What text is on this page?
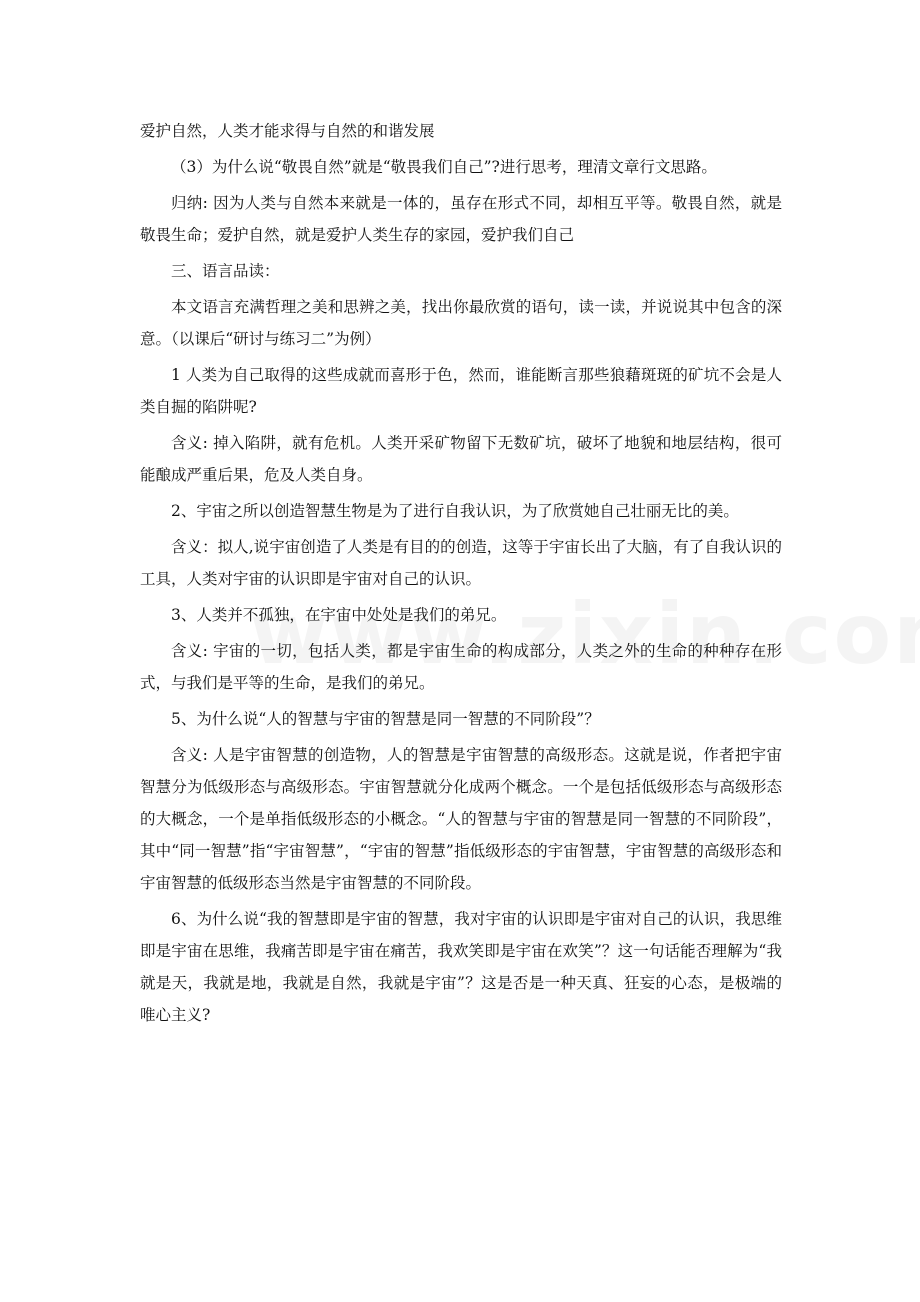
爱护自然，人类才能求得与自然的和谐发展

（3）为什么说“敬畏自然”就是“敬畏我们自己”?进行思考，理清文章行文思路。

归纳: 因为人类与自然本来就是一体的，虽存在形式不同，却相互平等。敬畏自然，就是敬畏生命；爱护自然，就是爱护人类生存的家园，爱护我们自己

三、语言品读：

本文语言充满哲理之美和思辨之美，找出你最欣赏的语句，读一读，并说说其中包含的深意。（以课后“研讨与练习二”为例）

1 人类为自己取得的这些成就而喜形于色，然而，谁能断言那些狼藉斑斑的矿坑不会是人类自掘的陷阱呢?

含义: 掉入陷阱，就有危机。人类开采矿物留下无数矿坑，破坏了地貌和地层结构，很可能酿成严重后果，危及人类自身。

2、宇宙之所以创造智慧生物是为了进行自我认识，为了欣赏她自己壮丽无比的美。

含义：拟人,说宇宙创造了人类是有目的的创造，这等于宇宙长出了大脑，有了自我认识的工具，人类对宇宙的认识即是宇宙对自己的认识。

3、人类并不孤独，在宇宙中处处是我们的弟兄。

含义: 宇宙的一切，包括人类，都是宇宙生命的构成部分，人类之外的生命的种种存在形式，与我们是平等的生命，是我们的弟兄。

5、为什么说“人的智慧与宇宙的智慧是同一智慧的不同阶段”？

含义: 人是宇宙智慧的创造物，人的智慧是宇宙智慧的高级形态。这就是说，作者把宇宙智慧分为低级形态与高级形态。宇宙智慧就分化成两个概念。一个是包括低级形态与高级形态的大概念，一个是单指低级形态的小概念。“人的智慧与宇宙的智慧是同一智慧的不同阶段”，其中“同一智慧”指“宇宙智慧”，“宇宙的智慧”指低级形态的宇宙智慧，宇宙智慧的高级形态和宇宙智慧的低级形态当然是宇宙智慧的不同阶段。

6、为什么说“我的智慧即是宇宙的智慧，我对宇宙的认识即是宇宙对自己的认识，我思维即是宇宙在思维，我痛苦即是宇宙在痛苦，我欢笑即是宇宙在欢笑”？这一句话能否理解为“我就是天，我就是地，我就是自然，我就是宇宙”？这是否是一种天真、狂妄的心态，是极端的唯心主义?
